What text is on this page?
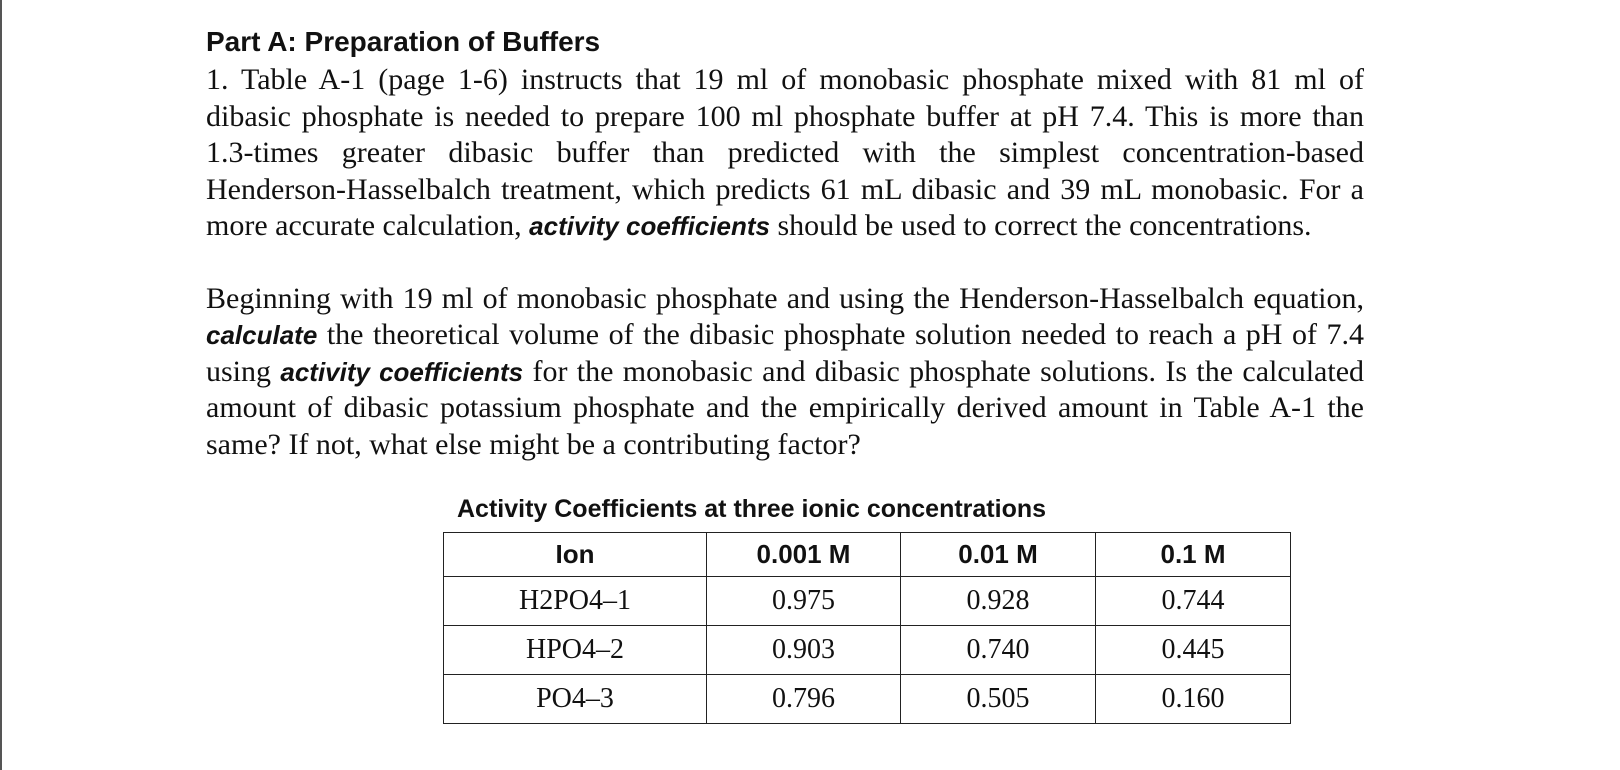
Part A: Preparation of Buffers

1. Table A-1 (page 1-6) instructs that 19 ml of monobasic phosphate mixed with 81 ml of dibasic phosphate is needed to prepare 100 ml phosphate buffer at pH 7.4. This is more than 1.3-times greater dibasic buffer than predicted with the simplest concentration-based Henderson-Hasselbalch treatment, which predicts 61 mL dibasic and 39 mL monobasic. For a more accurate calculation, activity coefficients should be used to correct the concentrations.

Beginning with 19 ml of monobasic phosphate and using the Henderson-Hasselbalch equation, calculate the theoretical volume of the dibasic phosphate solution needed to reach a pH of 7.4 using activity coefficients for the monobasic and dibasic phosphate solutions. Is the calculated amount of dibasic potassium phosphate and the empirically derived amount in Table A-1 the same? If not, what else might be a contributing factor?

Activity Coefficients at three ionic concentrations
Ion	0.001 M	0.01 M	0.1 M
H2PO4–1	0.975	0.928	0.744
HPO4–2	0.903	0.740	0.445
PO4–3	0.796	0.505	0.160
